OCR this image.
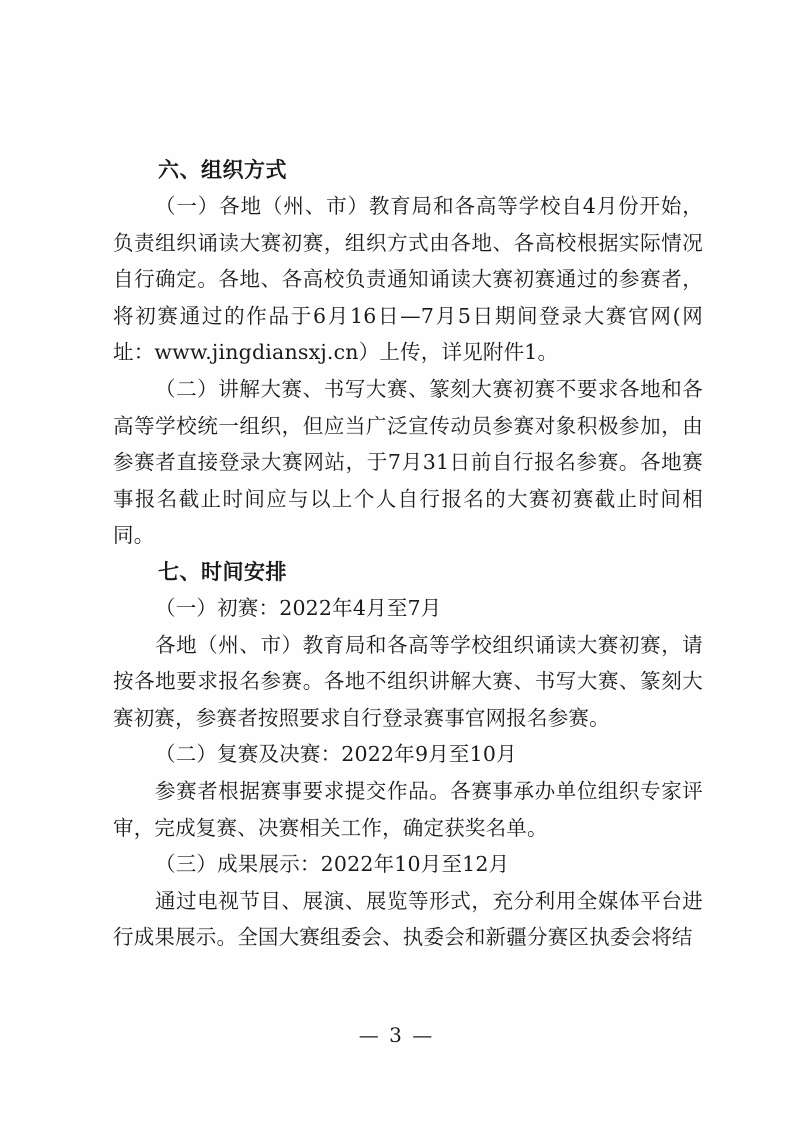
六、组织方式
（一）各地（州、市）教育局和各高等学校自4月份开始，负责组织诵读大赛初赛，组织方式由各地、各高校根据实际情况自行确定。各地、各高校负责通知诵读大赛初赛通过的参赛者，将初赛通过的作品于6月16日—7月5日期间登录大赛官网(网址：www.jingdiansxj.cn）上传，详见附件1。
（二）讲解大赛、书写大赛、篆刻大赛初赛不要求各地和各高等学校统一组织，但应当广泛宣传动员参赛对象积极参加，由参赛者直接登录大赛网站，于7月31日前自行报名参赛。各地赛事报名截止时间应与以上个人自行报名的大赛初赛截止时间相同。
七、时间安排
（一）初赛：2022年4月至7月
各地（州、市）教育局和各高等学校组织诵读大赛初赛，请按各地要求报名参赛。各地不组织讲解大赛、书写大赛、篆刻大赛初赛，参赛者按照要求自行登录赛事官网报名参赛。
（二）复赛及决赛：2022年9月至10月
参赛者根据赛事要求提交作品。各赛事承办单位组织专家评审，完成复赛、决赛相关工作，确定获奖名单。
（三）成果展示：2022年10月至12月
通过电视节目、展演、展览等形式，充分利用全媒体平台进行成果展示。全国大赛组委会、执委会和新疆分赛区执委会将结
— 3 —
